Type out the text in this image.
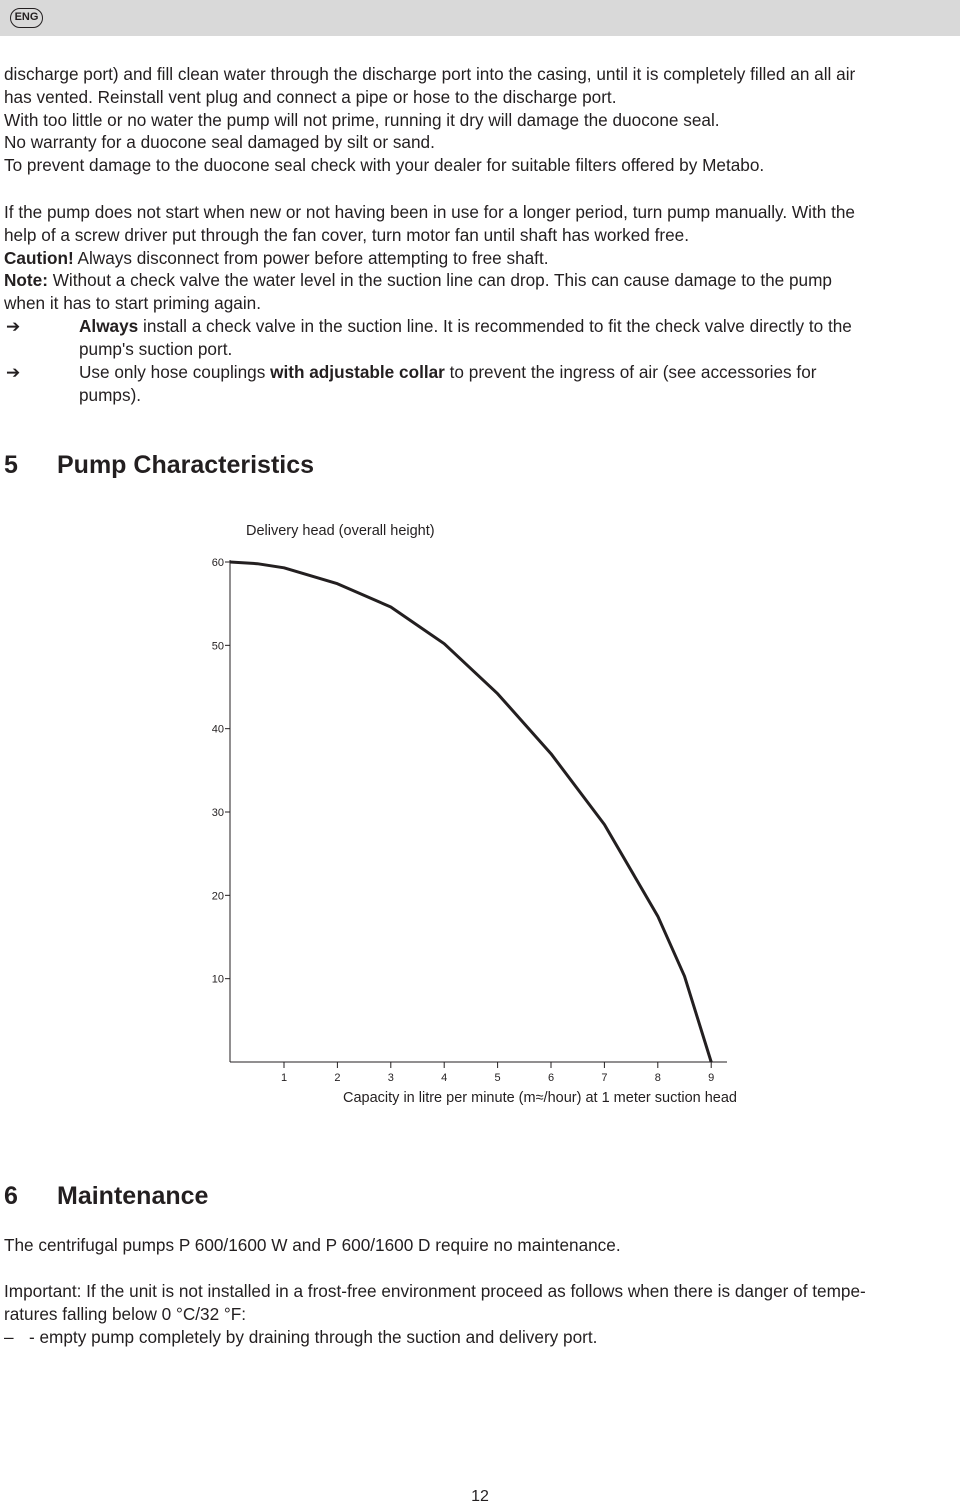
ENG

discharge port) and fill clean water through the discharge port into the casing, until it is completely filled an all air

has vented. Reinstall vent plug and connect a pipe or hose to the discharge port.

With too little or no water the pump will not prime, running it dry will damage the duocone seal.

No warranty for a duocone seal damaged by silt or sand.

To prevent damage to the duocone seal check with your dealer for suitable filters offered by Metabo.

If the pump does not start when new or not having been in use for a longer period, turn pump manually. With the

help of a screw driver put through the fan cover, turn motor fan until shaft has worked free.

Caution! Always disconnect from power before attempting to free shaft.

Note: Without a check valve the water level in the suction line can drop. This can cause damage to the pump

when it has to start priming again.

➔	Always install a check valve in the suction line. It is recommended to fit the check valve directly to the
pump's suction port.
➔	Use only hose couplings with adjustable collar to prevent the ingress of air (see accessories for
pumps).
5 Pump Characteristics
60
50
40
30
20
10
1	2	3	4	5	6	7	8	9
Delivery head (overall height)
Capacity in litre per minute (m≈/hour) at 1 meter suction head
6 Maintenance
The centrifugal pumps P 600/1600 W and P 600/1600 D require no maintenance.

Important: If the unit is not installed in a frost-free environment proceed as follows when there is danger of tempe-

ratures falling below 0 °C/32 °F:

– - empty pump completely by draining through the suction and delivery port.
12
